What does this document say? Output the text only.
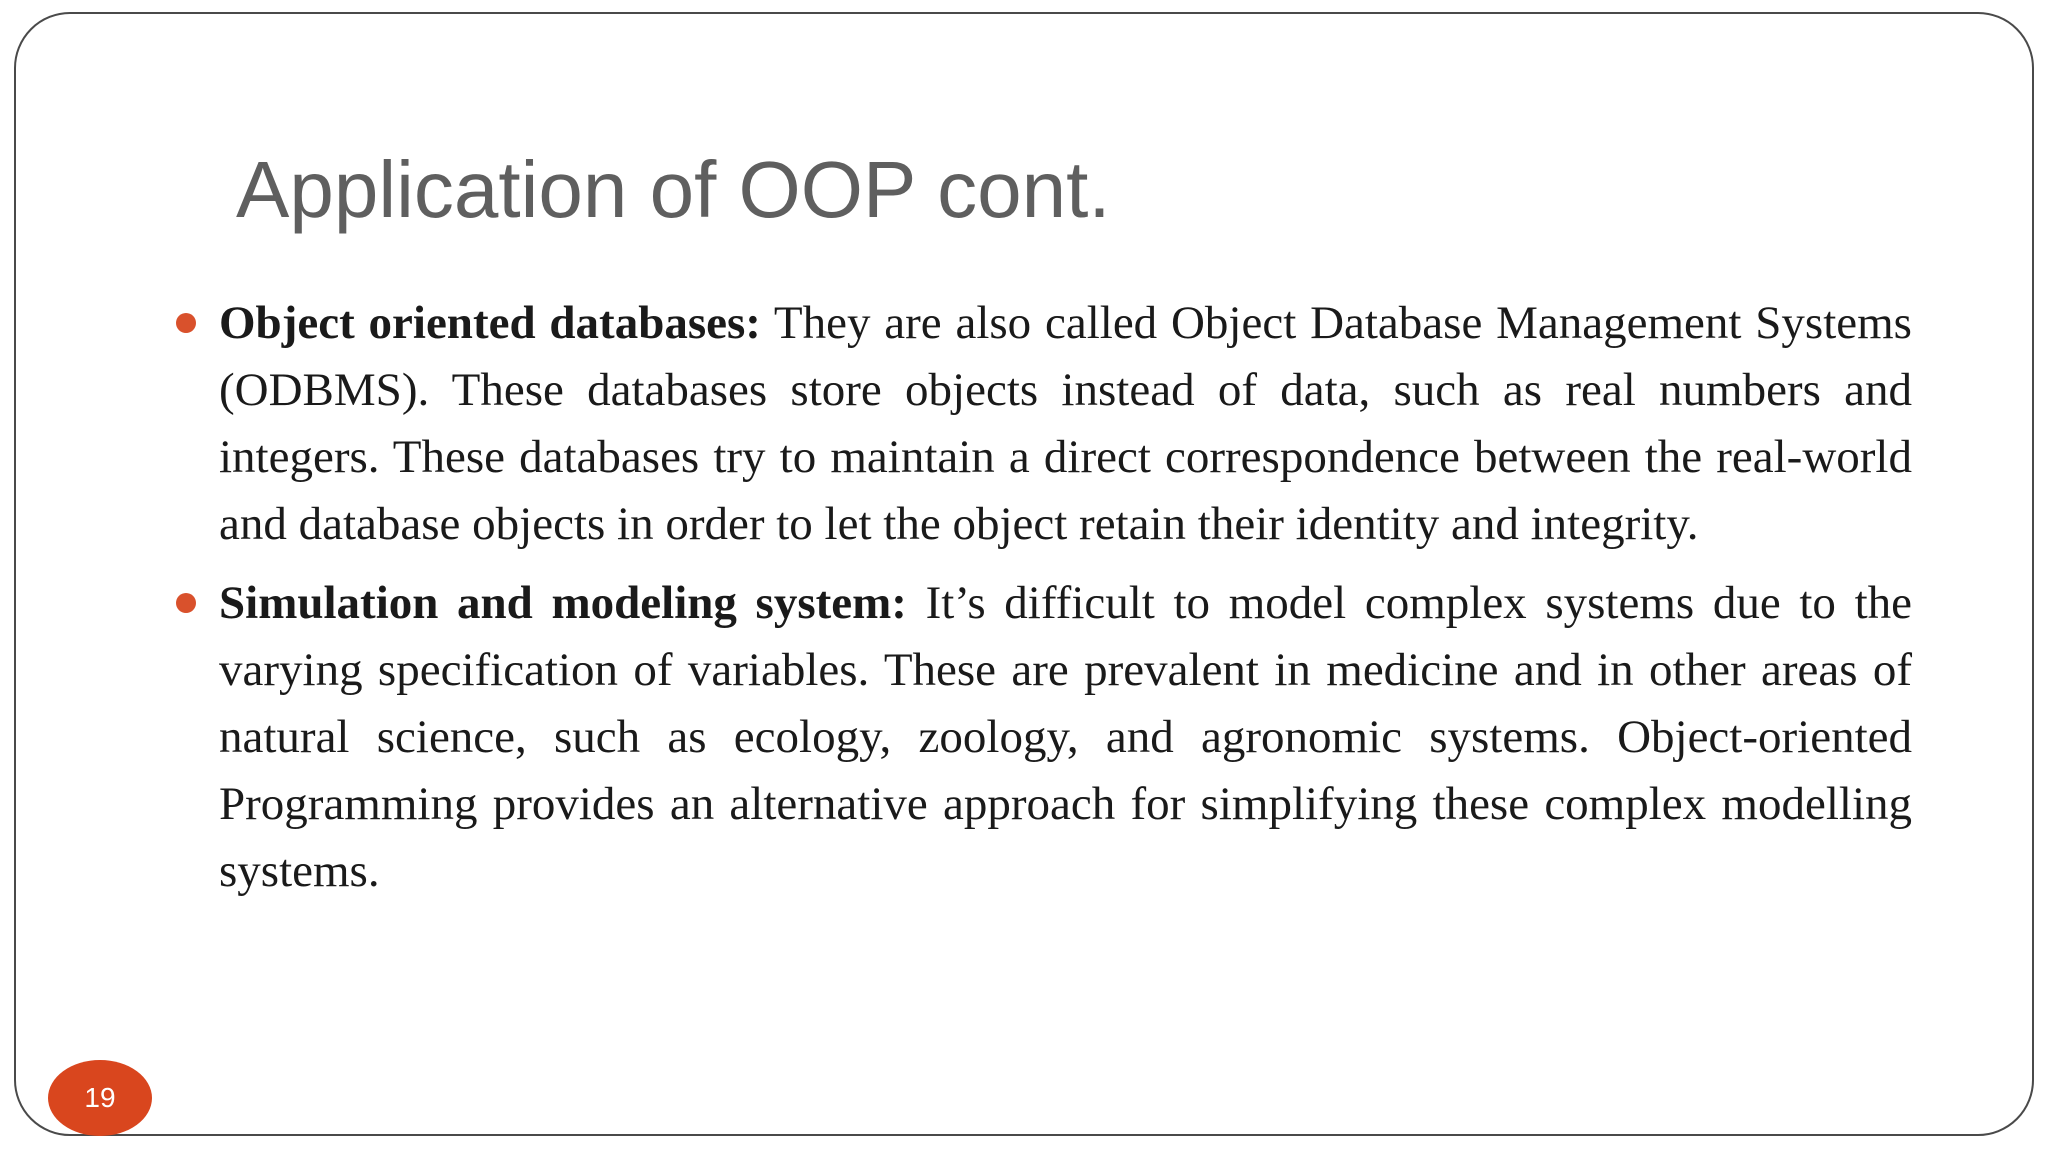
Application of OOP cont.

Object oriented databases: They are also called Object Database Management Systems (ODBMS). These databases store objects instead of data, such as real numbers and integers. These databases try to maintain a direct correspondence between the real-world and database objects in order to let the object retain their identity and integrity.

Simulation and modeling system: It’s difficult to model complex systems due to the varying specification of variables. These are prevalent in medicine and in other areas of natural science, such as ecology, zoology, and agronomic systems. Object-oriented Programming provides an alternative approach for simplifying these complex modelling systems.

19
